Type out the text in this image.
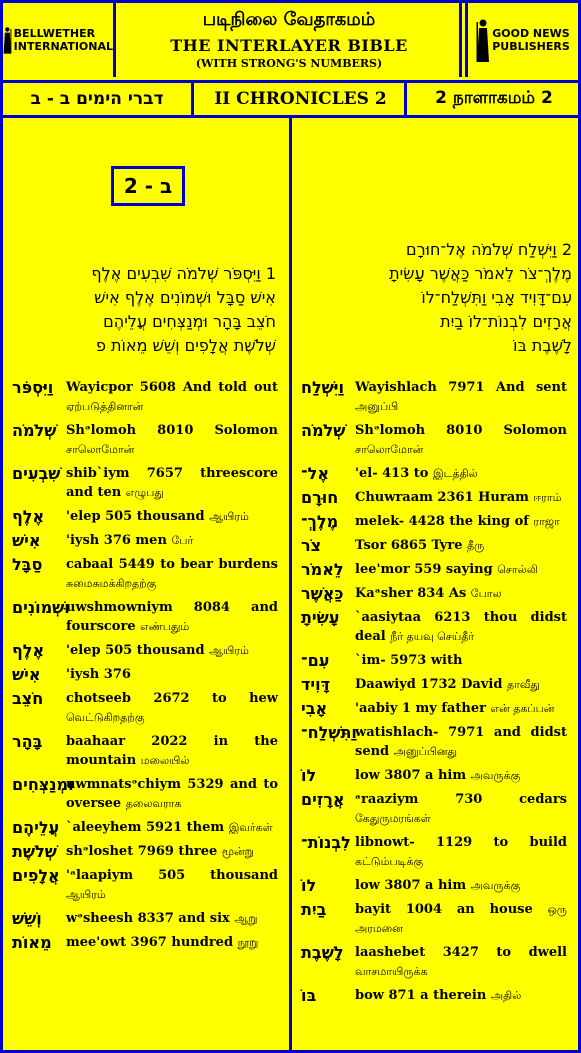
BELLWETHER
INTERNATIONAL
படிநிலை வேதாகமம்
THE INTERLAYER BIBLE
(WITH STRONG'S NUMBERS)
GOOD NEWS
PUBLISHERS
דברי הימים ב - ב	II CHRONICLES 2	2 நாளாகமம் 2
2 - ב
2 וַיִּשְׁלַח שְׁלֹמֹה אֶל־חוּרָם
מֶלֶךְ־צֹר לֵאמֹר כַּאֲשֶׁר עָשִׂיתָ
עִם־דָּוִיד אָבִי וַתִּשְׁלַח־לוֹ
אֲרָזִים לִבְנוֹת־לוֹ בַיִת
לָשֶׁבֶת בּוֹ
1 וַיִּסְפֹּר שְׁלֹמֹה שִׁבְעִים אֶלֶף
אִישׁ סַבָּל וּשְׁמוֹנִים אֶלֶף אִישׁ
חֹצֵב בָּהָר וּמְנַצְּחִים עֲלֵיהֶם
שְׁלֹשֶׁת אֲלָפִים וְשֵׁשׁ מֵאוֹת פ
וַיִּסְפֹּר Wayicpor 5608 And told out ஏற்படுத்தினான்
שְׁלֹמֹה Shᵊlomoh 8010 Solomon சாலொமோன்
שִׁבְעִים shib`iym 7657 threescore and ten எழுபது
אֶלֶף	'elep 505 thousand ஆயிரம்
אִישׁ	'iysh 376 men பேர்
סַבָּל	cabaal 5449 to bear burdens சுமைசுமக்கிறதற்கு
וּשְׁמוֹנִים
uwshmowniym 8084 and fourscore எண்பதும்
אֶלֶף	'elep 505 thousand ஆயிரம்
אִישׁ	'iysh 376
חֹצֵב	chotseeb 2672 to hew வெட்டுகிறதற்கு
בָּהָר	baahaar 2022 in the mountain மலையில்
וּמְנַצְּחִים
uwmnatsᵊchiym 5329 and to oversee தலைவராக
עֲלֵיהֶם `aleeyhem 5921 them இவர்கள்
שְׁלֹשֶׁת shᵊloshet 7969 three மூன்று
אֲלָפִים 'ᵃlaapiym 505 thousand ஆயிரம்
וְשֵׁשׁ	wᵊsheesh 8337 and six ஆறு
מֵאוֹת	mee'owt 3967 hundred நூறு
וַיִּשְׁלַח Wayishlach 7971 And sent அனுப்பி
שְׁלֹמֹה Shᵊlomoh 8010 Solomon சாலொமோன்
אֶל־	'el- 413 to இடத்தில்
חוּרָם	Chuwraam 2361 Huram ஈராம்
מֶלֶךְ־	melek- 4428 the king of ராஜா
צֹר	Tsor 6865 Tyre தீரு
לֵאמֹר lee'mor 559 saying சொல்லி
כַּאֲשֶׁר Kaᵃsher 834 As போல
עָשִׂיתָ	`aasiytaa 6213 thou didst deal நீர் தயவு செய்தீர்
עִם־	`im- 5973 with
דָּוִיד	Daawiyd 1732 David தாவீது
אָבִי	'aabiy 1 my father என் தகப்பன்
וַתִּשְׁלַח־
watishlach- 7971 and didst send அனுப்பினது
לוֹ	low 3807 a him அவருக்கு
אֲרָזִים ᵃraaziym 730 cedars கேதுருமரங்கள்
לִבְנוֹת־ libnowt- 1129 to build கட்டும்படிக்கு
לוֹ	low 3807 a him அவருக்கு
בַיִת	bayit 1004 an house ஒரு அரமனை
לָשֶׁבֶת laashebet 3427 to dwell வாசமாயிருக்க
בּוֹ	bow 871 a therein அதில்
